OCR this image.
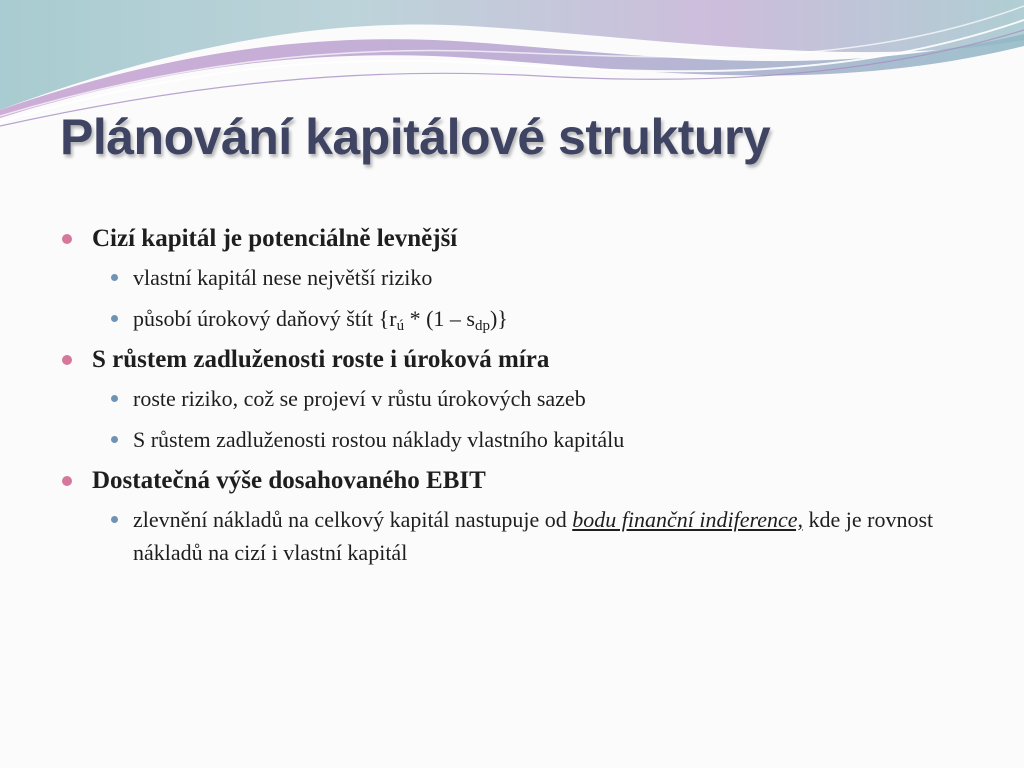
Plánování kapitálové struktury
Cizí kapitál je potenciálně levnější
vlastní kapitál nese největší riziko
působí úrokový daňový štít $\{r_ú * (1 - s_{dp})\}$
S růstem zadluženosti roste i úroková míra
roste riziko, což se projeví v růstu úrokových sazeb
S růstem zadluženosti rostou náklady vlastního kapitálu
Dostatečná výše dosahovaného EBIT
zlevnění nákladů na celkový kapitál nastupuje od bodu finanční indiference, kde je rovnost nákladů na cizí i vlastní kapitál
